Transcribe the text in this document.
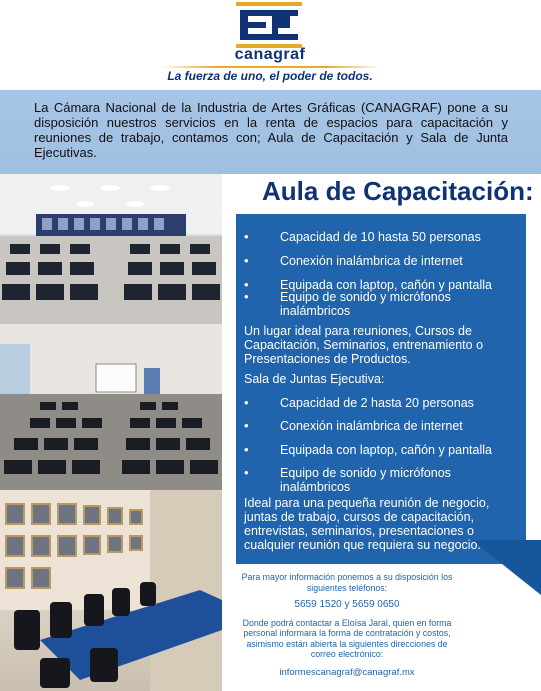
canagraf
La fuerza de uno, el poder de todos.
La Cámara Nacional de la Industria de Artes Gráficas (CANAGRAF) pone a su disposición nuestros servicios en la renta de espacios para capacitación y reuniones de trabajo, contamos con; Aula de Capacitación y Sala de Junta Ejecutivas.
Aula de Capacitación:
•	Capacidad de 10 hasta 50 personas
•	Conexión inalámbrica de internet
•	Equipada con laptop, cañón y pantalla
•	Equipo de sonido y micrófonos inalámbricos
Un lugar ideal para reuniones, Cursos de Capacitación, Seminarios, entrenamiento o Presentaciones de Productos.
Sala de Juntas Ejecutiva:
•	Capacidad de 2 hasta 20 personas
•	Conexión inalámbrica de internet
•	Equipada con laptop, cañón y pantalla
•	Equipo de sonido y micrófonos inalámbricos
Ideal para una pequeña reunión de negocio, juntas de trabajo, cursos de capacitación, entrevistas, seminarios, presentaciones o cualquier reunión que requiera su negocio.
Para mayor información ponemos a su disposición los siguientes teléfonos:
5659 1520 y 5659 0650
Donde podrá contactar a Eloísa Jaral, quien en forma personal informara la forma de contratación y costos, asimismo están abierta la siguientes direcciones de correo electrónico:
informescanagraf@canagraf.mx
